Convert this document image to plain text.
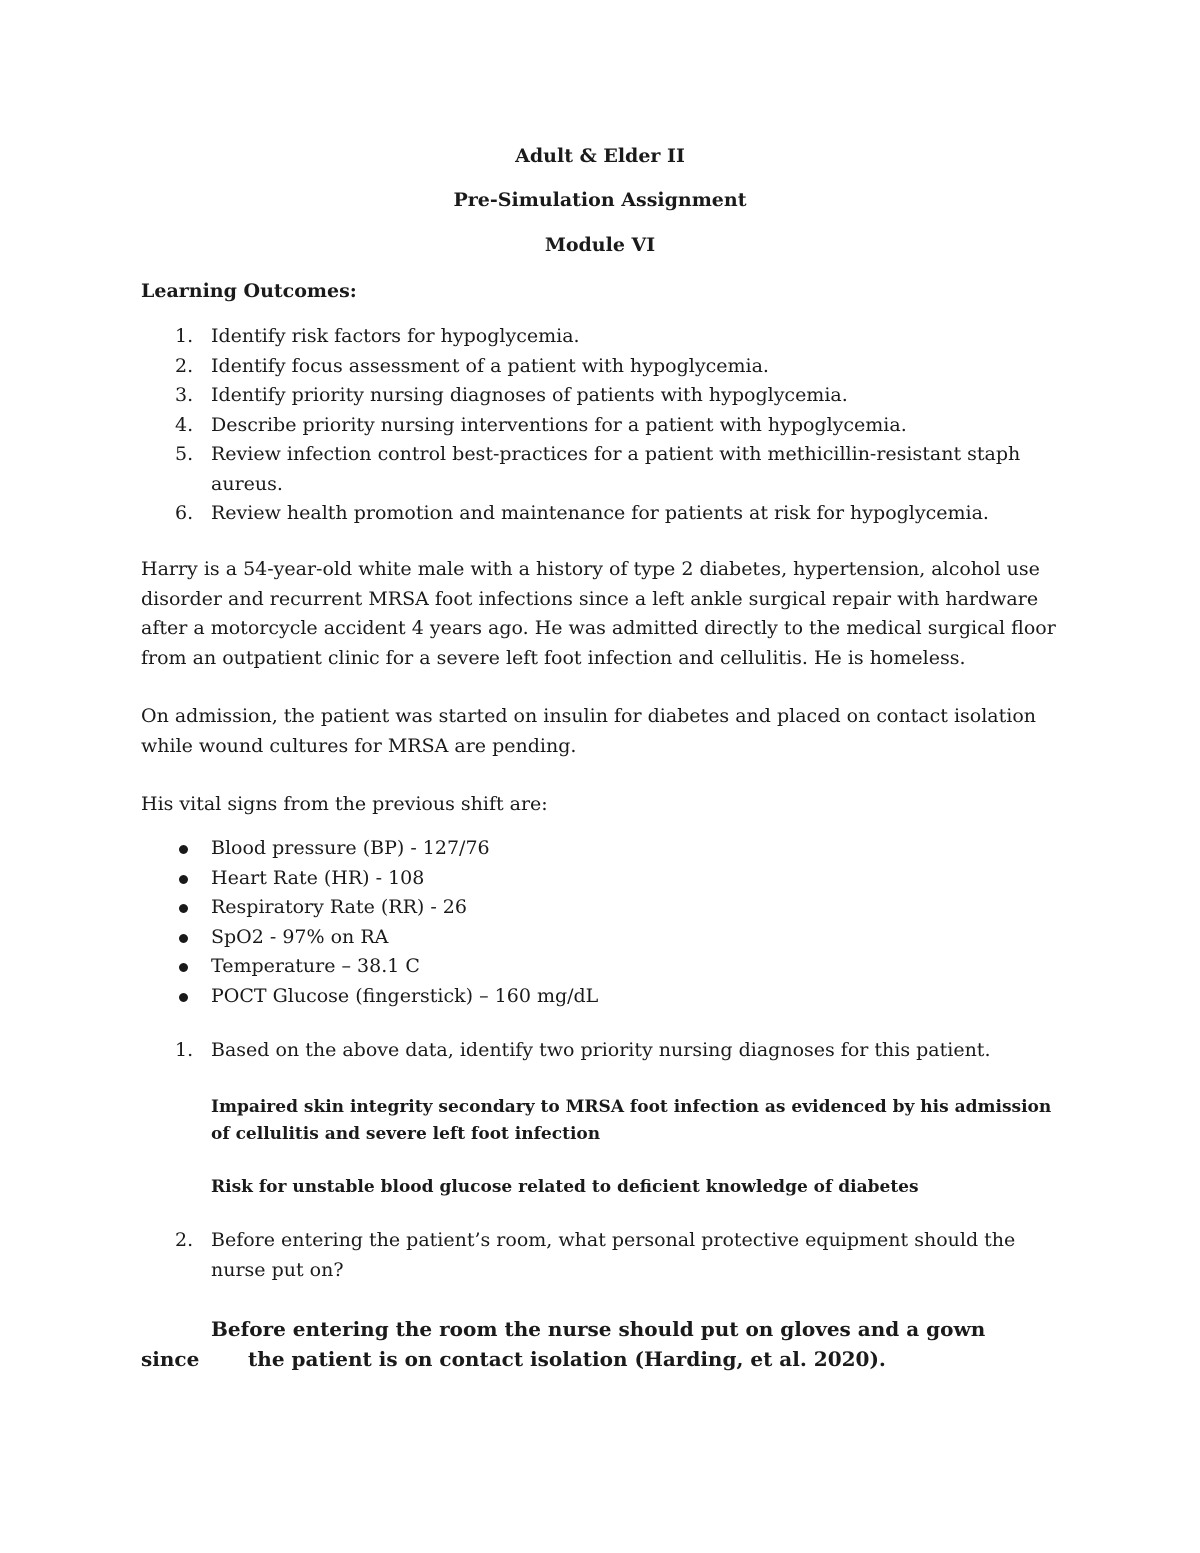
Adult & Elder II
Pre-Simulation Assignment
Module VI
Learning Outcomes:
1. Identify risk factors for hypoglycemia.
2. Identify focus assessment of a patient with hypoglycemia.
3. Identify priority nursing diagnoses of patients with hypoglycemia.
4. Describe priority nursing interventions for a patient with hypoglycemia.
5. Review infection control best-practices for a patient with methicillin-resistant staph aureus.
6. Review health promotion and maintenance for patients at risk for hypoglycemia.
Harry is a 54-year-old white male with a history of type 2 diabetes, hypertension, alcohol use disorder and recurrent MRSA foot infections since a left ankle surgical repair with hardware after a motorcycle accident 4 years ago. He was admitted directly to the medical surgical floor from an outpatient clinic for a severe left foot infection and cellulitis. He is homeless.
On admission, the patient was started on insulin for diabetes and placed on contact isolation while wound cultures for MRSA are pending.
His vital signs from the previous shift are:
Blood pressure (BP) - 127/76
Heart Rate (HR) - 108
Respiratory Rate (RR) - 26
SpO2 - 97% on RA
Temperature – 38.1 C
POCT Glucose (fingerstick) – 160 mg/dL
1. Based on the above data, identify two priority nursing diagnoses for this patient.
Impaired skin integrity secondary to MRSA foot infection as evidenced by his admission of cellulitis and severe left foot infection
Risk for unstable blood glucose related to deficient knowledge of diabetes
2. Before entering the patient’s room, what personal protective equipment should the nurse put on?
Before entering the room the nurse should put on gloves and a gown since       the patient is on contact isolation (Harding, et al. 2020).
